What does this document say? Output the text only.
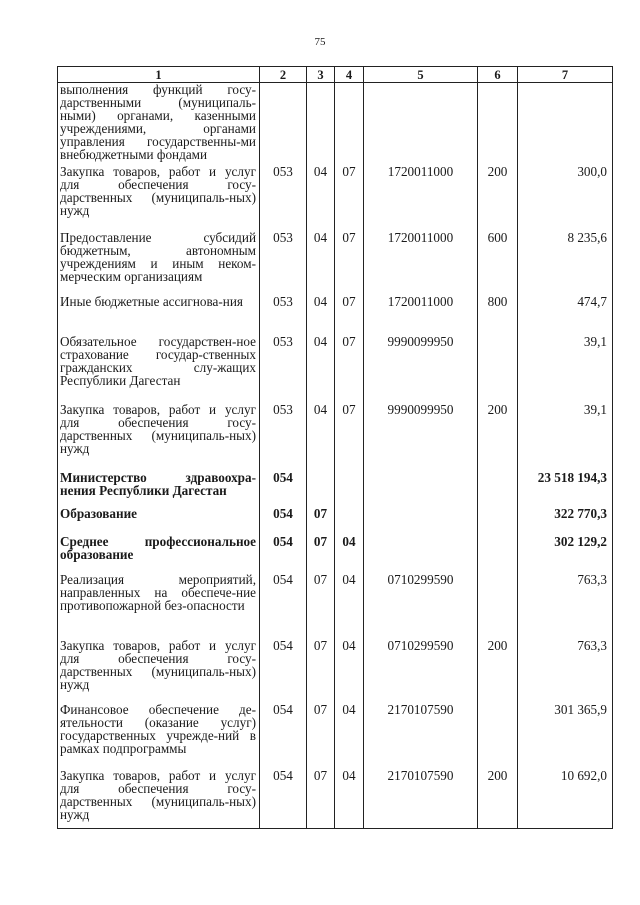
75
1	2	3	4	5	6	7
выполнения функций госу-дарственными (муниципаль-ными) органами, казенными учреждениями, органами управления государственны-ми внебюджетными фондами						
Закупка товаров, работ и услуг для обеспечения госу-дарственных (муниципаль-ных) нужд	053	04	07	1720011000	200	300,0
Предоставление субсидий бюджетным, автономным учреждениям и иным неком-мерческим организациям	053	04	07	1720011000	600	8 235,6
Иные бюджетные ассигнова-ния	053	04	07	1720011000	800	474,7
Обязательное государствен-ное страхование государ-ственных гражданских слу-жащих Республики Дагестан	053	04	07	9990099950		39,1
Закупка товаров, работ и услуг для обеспечения госу-дарственных (муниципаль-ных) нужд	053	04	07	9990099950	200	39,1
Министерство здравоохра-нения Республики Дагестан	054					23 518 194,3
Образование	054	07				322 770,3
Среднее профессиональное образование	054	07	04			302 129,2
Реализация мероприятий, направленных на обеспече-ние противопожарной без-опасности	054	07	04	0710299590		763,3
Закупка товаров, работ и услуг для обеспечения госу-дарственных (муниципаль-ных) нужд	054	07	04	0710299590	200	763,3
Финансовое обеспечение де-ятельности (оказание услуг) государственных учрежде-ний в рамках подпрограммы	054	07	04	2170107590		301 365,9
Закупка товаров, работ и услуг для обеспечения госу-дарственных (муниципаль-ных) нужд	054	07	04	2170107590	200	10 692,0
